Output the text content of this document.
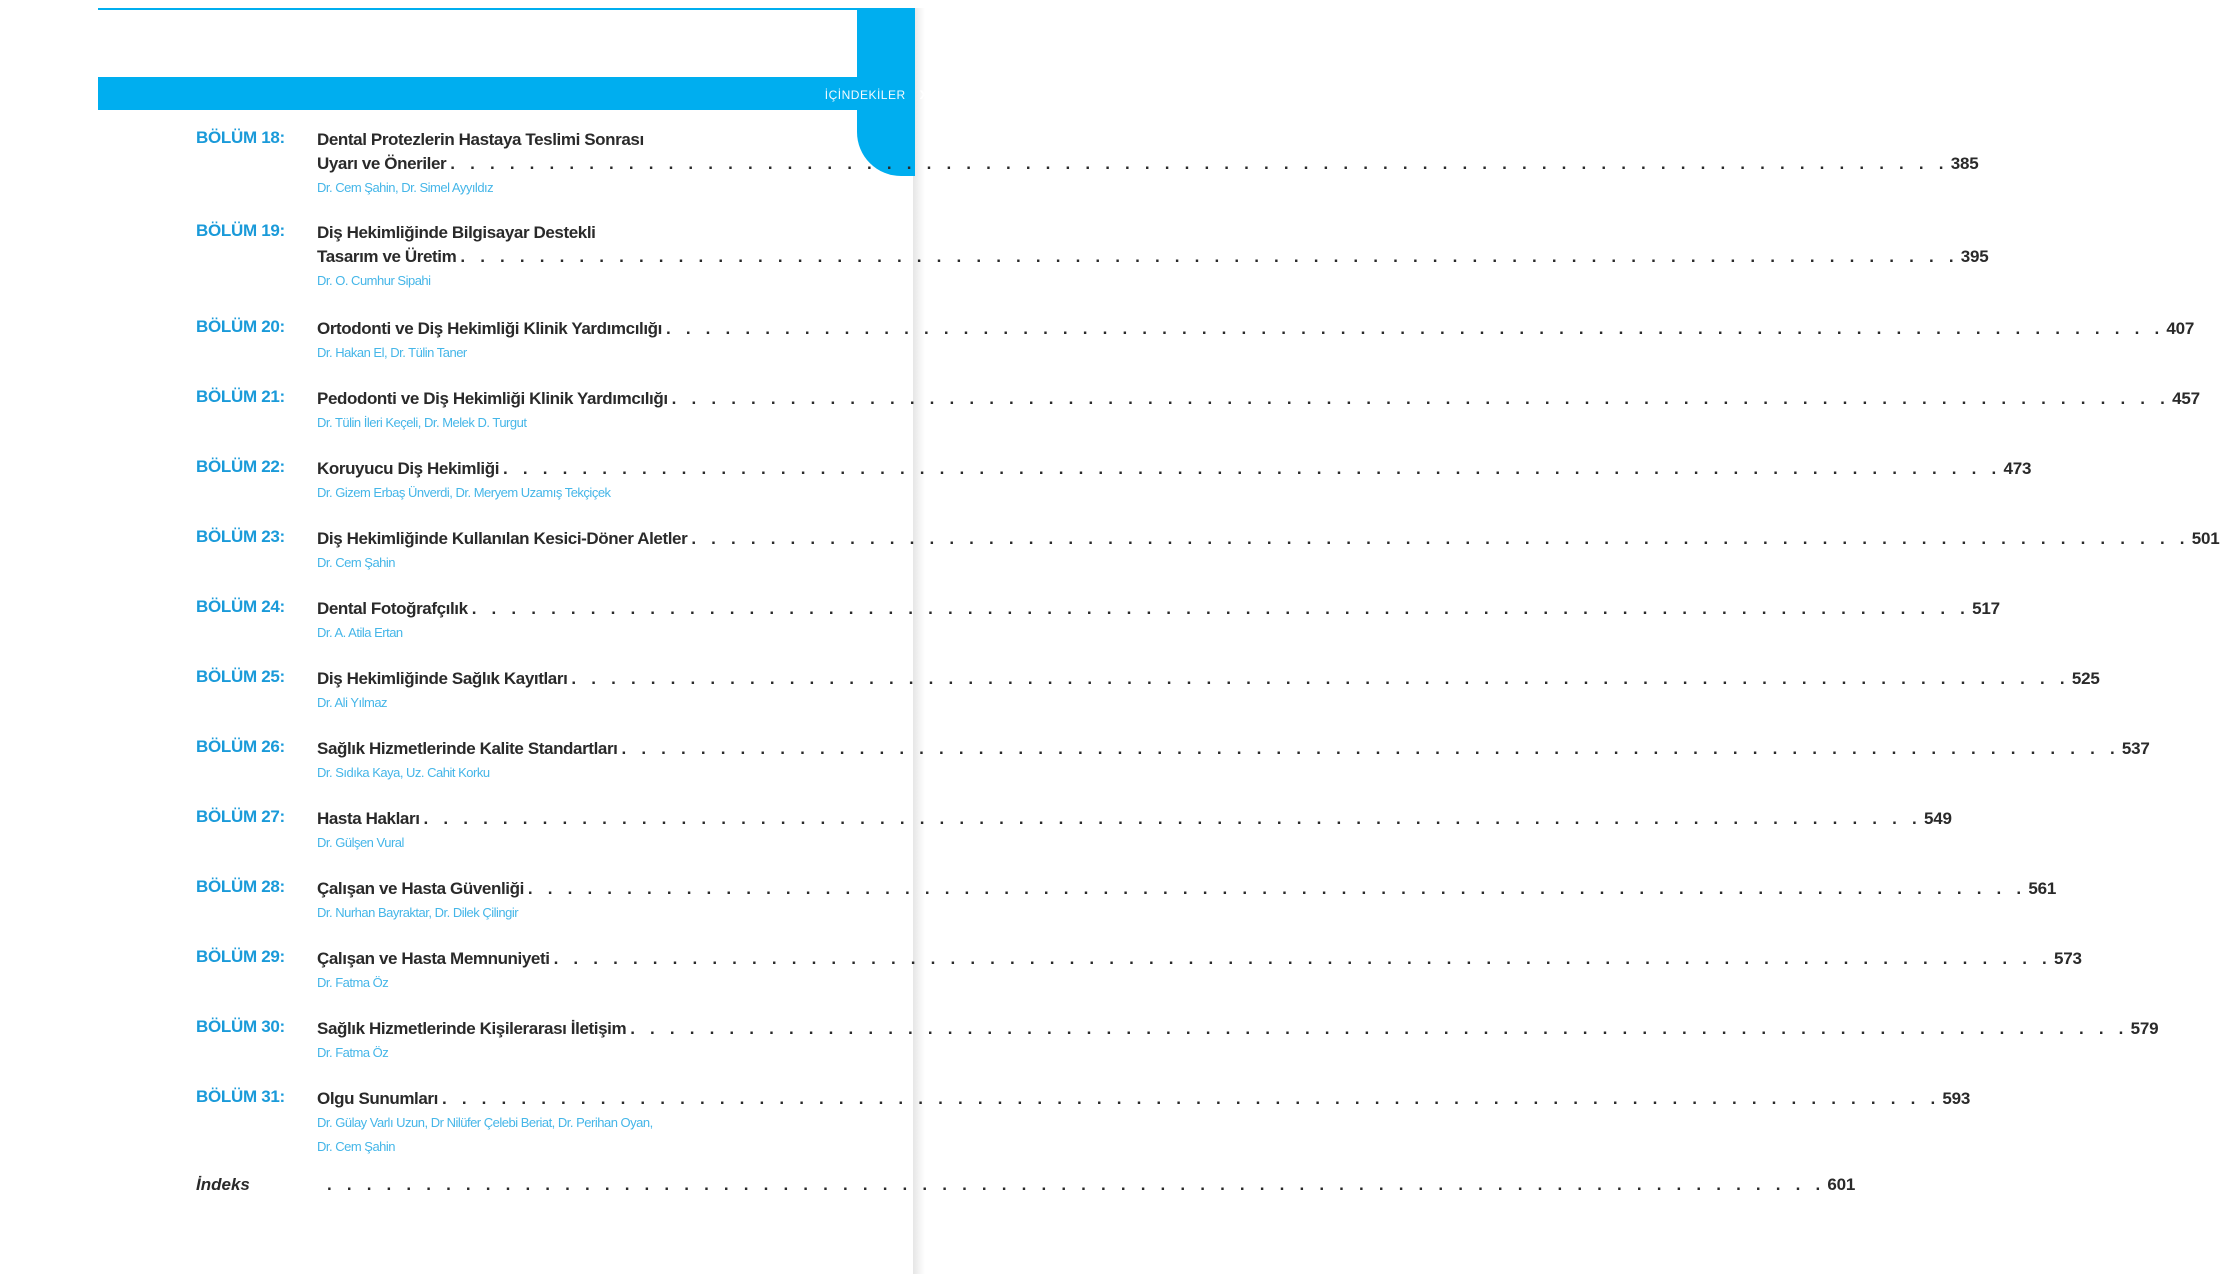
İÇİNDEKİLER xi
BÖLÜM 18:	Dental Protezlerin Hastaya Teslimi Sonrası
Uyarı ve Öneriler . . . . . . . . . . . . . . . . . . . . . . . . . . . . . . . . . . . . . . . . . . . . . . . . . . . . . . . . . . . . . . . . . . . . . . . . . . . . 385
Dr. Cem Şahin, Dr. Simel Ayyıldız
BÖLÜM 19:	Diş Hekimliğinde Bilgisayar Destekli
Tasarım ve Üretim . . . . . . . . . . . . . . . . . . . . . . . . . . . . . . . . . . . . . . . . . . . . . . . . . . . . . . . . . . . . . . . . . . . . . . . . . . . . 395
Dr. O. Cumhur Sipahi
BÖLÜM 20:	Ortodonti ve Diş Hekimliği Klinik Yardımcılığı . . . . . . . . . . . . . . . . . . . . . . . . . . . . . . . . . . . . . . . . . . . . . . . . . . . . . . . . . . . . . . . . . . . . . . . . . . . . 407
Dr. Hakan El, Dr. Tülin Taner
BÖLÜM 21:	Pedodonti ve Diş Hekimliği Klinik Yardımcılığı . . . . . . . . . . . . . . . . . . . . . . . . . . . . . . . . . . . . . . . . . . . . . . . . . . . . . . . . . . . . . . . . . . . . . . . . . . . . 457
Dr. Tülin İleri Keçeli, Dr. Melek D. Turgut
BÖLÜM 22:	Koruyucu Diş Hekimliği . . . . . . . . . . . . . . . . . . . . . . . . . . . . . . . . . . . . . . . . . . . . . . . . . . . . . . . . . . . . . . . . . . . . . . . . . . . . 473
Dr. Gizem Erbaş Ünverdi, Dr. Meryem Uzamış Tekçiçek
BÖLÜM 23:	Diş Hekimliğinde Kullanılan Kesici-Döner Aletler . . . . . . . . . . . . . . . . . . . . . . . . . . . . . . . . . . . . . . . . . . . . . . . . . . . . . . . . . . . . . . . . . . . . . . . . . . . . 501
Dr. Cem Şahin
BÖLÜM 24:	Dental Fotoğrafçılık . . . . . . . . . . . . . . . . . . . . . . . . . . . . . . . . . . . . . . . . . . . . . . . . . . . . . . . . . . . . . . . . . . . . . . . . . . . . 517
Dr. A. Atila Ertan
BÖLÜM 25:	Diş Hekimliğinde Sağlık Kayıtları . . . . . . . . . . . . . . . . . . . . . . . . . . . . . . . . . . . . . . . . . . . . . . . . . . . . . . . . . . . . . . . . . . . . . . . . . . . . 525
Dr. Ali Yılmaz
BÖLÜM 26:	Sağlık Hizmetlerinde Kalite Standartları . . . . . . . . . . . . . . . . . . . . . . . . . . . . . . . . . . . . . . . . . . . . . . . . . . . . . . . . . . . . . . . . . . . . . . . . . . . . 537
Dr. Sıdıka Kaya, Uz. Cahit Korku
BÖLÜM 27:	Hasta Hakları . . . . . . . . . . . . . . . . . . . . . . . . . . . . . . . . . . . . . . . . . . . . . . . . . . . . . . . . . . . . . . . . . . . . . . . . . . . . 549
Dr. Gülşen Vural
BÖLÜM 28:	Çalışan ve Hasta Güvenliği . . . . . . . . . . . . . . . . . . . . . . . . . . . . . . . . . . . . . . . . . . . . . . . . . . . . . . . . . . . . . . . . . . . . . . . . . . . . 561
Dr. Nurhan Bayraktar, Dr. Dilek Çilingir
BÖLÜM 29:	Çalışan ve Hasta Memnuniyeti . . . . . . . . . . . . . . . . . . . . . . . . . . . . . . . . . . . . . . . . . . . . . . . . . . . . . . . . . . . . . . . . . . . . . . . . . . . . 573
Dr. Fatma Öz
BÖLÜM 30:	Sağlık Hizmetlerinde Kişilerarası İletişim . . . . . . . . . . . . . . . . . . . . . . . . . . . . . . . . . . . . . . . . . . . . . . . . . . . . . . . . . . . . . . . . . . . . . . . . . . . . 579
Dr. Fatma Öz
BÖLÜM 31:	Olgu Sunumları . . . . . . . . . . . . . . . . . . . . . . . . . . . . . . . . . . . . . . . . . . . . . . . . . . . . . . . . . . . . . . . . . . . . . . . . . . . . 593
Dr. Gülay Varlı Uzun, Dr Nilüfer Çelebi Beriat, Dr. Perihan Oyan,
Dr. Cem Şahin
İndeks	. . . . . . . . . . . . . . . . . . . . . . . . . . . . . . . . . . . . . . . . . . . . . . . . . . . . . . . . . . . . . . . . . . . . . . . . . . . . 601
